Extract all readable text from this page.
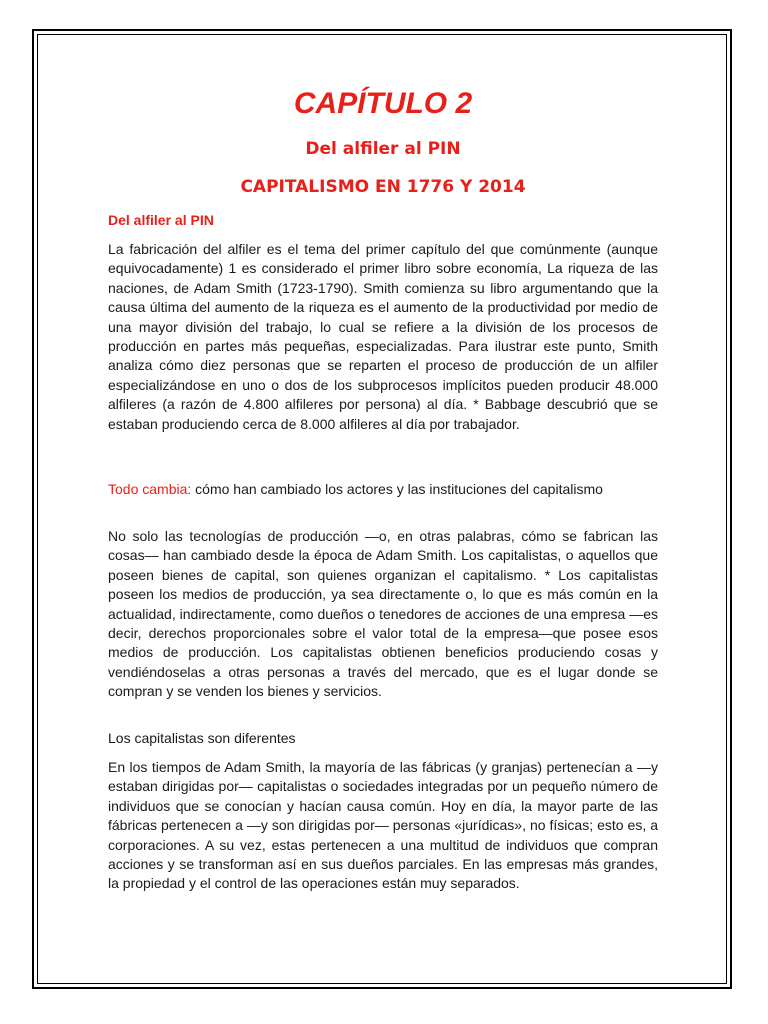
CAPÍTULO 2
Del alfiler al PIN
CAPITALISMO EN 1776 Y 2014
Del alfiler al PIN

La fabricación del alfiler es el tema del primer capítulo del que comúnmente (aunque equivocadamente) 1 es considerado el primer libro sobre economía, La riqueza de las naciones, de Adam Smith (1723-1790). Smith comienza su libro argumentando que la causa última del aumento de la riqueza es el aumento de la productividad por medio de una mayor división del trabajo, lo cual se refiere a la división de los procesos de producción en partes más pequeñas, especializadas. Para ilustrar este punto, Smith analiza cómo diez personas que se reparten el proceso de producción de un alfiler especializándose en uno o dos de los subprocesos implícitos pueden producir 48.000 alfileres (a razón de 4.800 alfileres por persona) al día. * Babbage descubrió que se estaban produciendo cerca de 8.000 alfileres al día por trabajador.

Todo cambia: cómo han cambiado los actores y las instituciones del capitalismo

No solo las tecnologías de producción —o, en otras palabras, cómo se fabrican las cosas— han cambiado desde la época de Adam Smith. Los capitalistas, o aquellos que poseen bienes de capital, son quienes organizan el capitalismo. * Los capitalistas poseen los medios de producción, ya sea directamente o, lo que es más común en la actualidad, indirectamente, como dueños o tenedores de acciones de una empresa —es decir, derechos proporcionales sobre el valor total de la empresa—que posee esos medios de producción. Los capitalistas obtienen beneficios produciendo cosas y vendiéndoselas a otras personas a través del mercado, que es el lugar donde se compran y se venden los bienes y servicios.

Los capitalistas son diferentes

En los tiempos de Adam Smith, la mayoría de las fábricas (y granjas) pertenecían a —y estaban dirigidas por— capitalistas o sociedades integradas por un pequeño número de individuos que se conocían y hacían causa común. Hoy en día, la mayor parte de las fábricas pertenecen a —y son dirigidas por— personas «jurídicas», no físicas; esto es, a corporaciones. A su vez, estas pertenecen a una multitud de individuos que compran acciones y se transforman así en sus dueños parciales. En las empresas más grandes, la propiedad y el control de las operaciones están muy separados.
